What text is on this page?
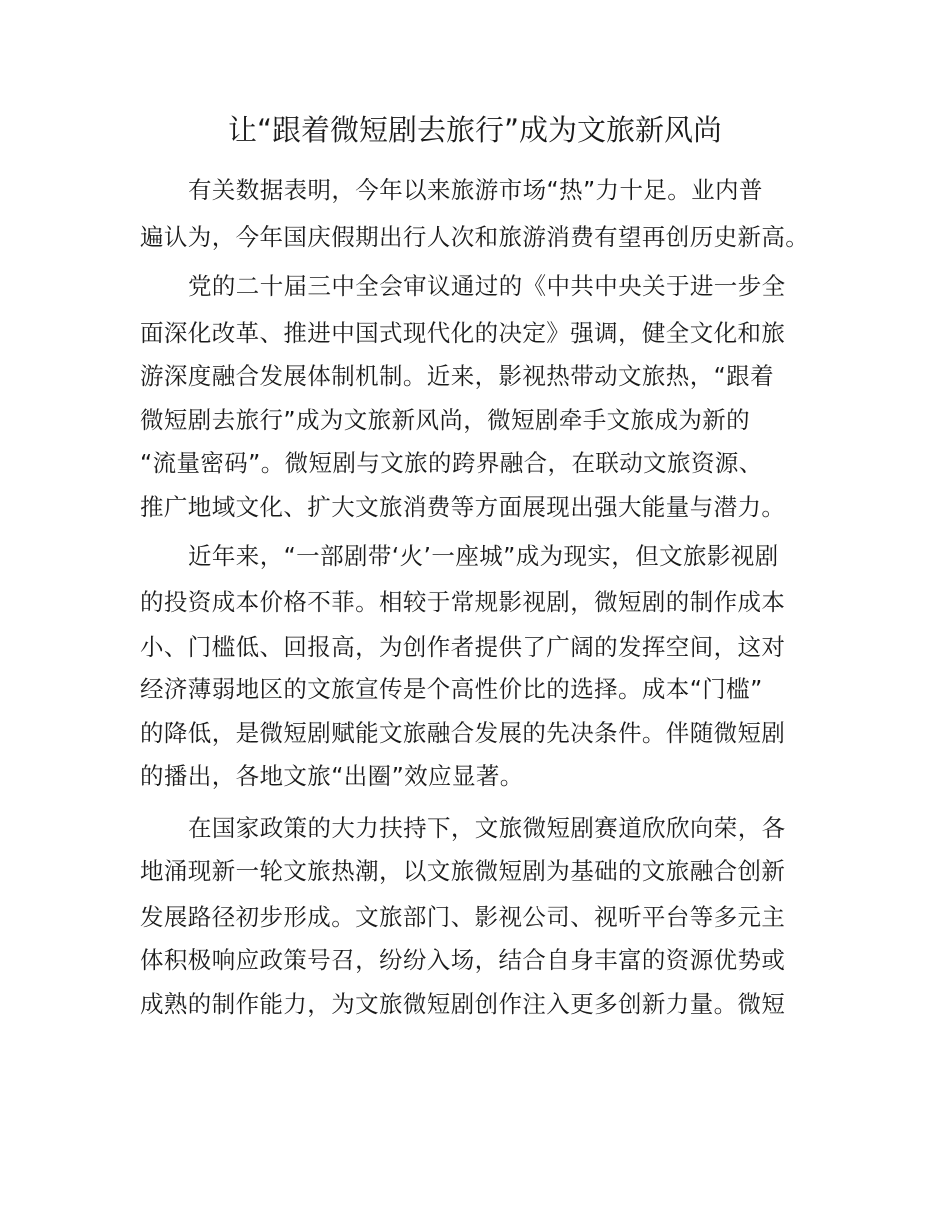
让“跟着微短剧去旅行”成为文旅新风尚
有关数据表明，今年以来旅游市场“热”力十足。业内普
遍认为，今年国庆假期出行人次和旅游消费有望再创历史新高。
党的二十届三中全会审议通过的《中共中央关于进一步全
面深化改革、推进中国式现代化的决定》强调，健全文化和旅
游深度融合发展体制机制。近来，影视热带动文旅热，“跟着
微短剧去旅行”成为文旅新风尚，微短剧牵手文旅成为新的
“流量密码”。微短剧与文旅的跨界融合，在联动文旅资源、
推广地域文化、扩大文旅消费等方面展现出强大能量与潜力。
近年来，“一部剧带‘火’一座城”成为现实，但文旅影视剧
的投资成本价格不菲。相较于常规影视剧，微短剧的制作成本
小、门槛低、回报高，为创作者提供了广阔的发挥空间，这对
经济薄弱地区的文旅宣传是个高性价比的选择。成本“门槛”
的降低，是微短剧赋能文旅融合发展的先决条件。伴随微短剧
的播出，各地文旅“出圈”效应显著。
在国家政策的大力扶持下，文旅微短剧赛道欣欣向荣，各
地涌现新一轮文旅热潮，以文旅微短剧为基础的文旅融合创新
发展路径初步形成。文旅部门、影视公司、视听平台等多元主
体积极响应政策号召，纷纷入场，结合自身丰富的资源优势或
成熟的制作能力，为文旅微短剧创作注入更多创新力量。微短
